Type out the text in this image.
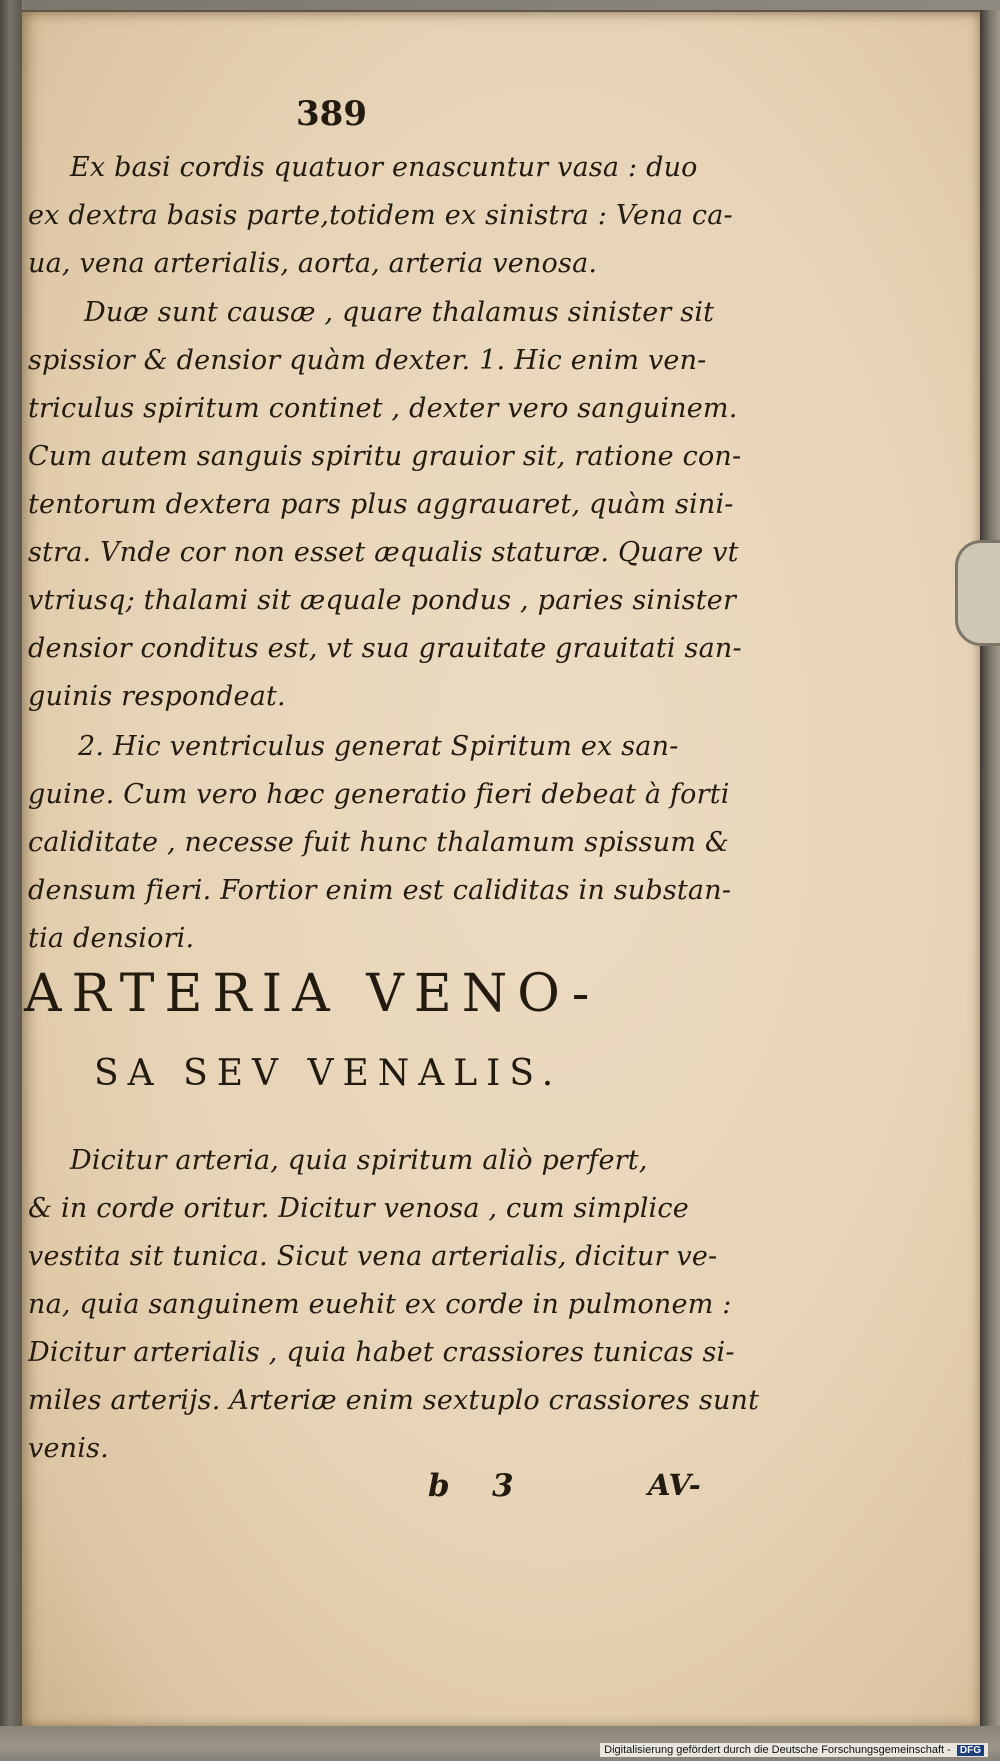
389
Ex basi cordis quatuor enascuntur vasa : duo
ex dextra basis parte,totidem ex sinistra : Vena ca-
ua, vena arterialis, aorta, arteria venosa.
Duæ sunt causæ , quare thalamus sinister sit
spissior & densior quàm dexter. 1. Hic enim ven-
triculus spiritum continet , dexter vero sanguinem.
Cum autem sanguis spiritu grauior sit, ratione con-
tentorum dextera pars plus aggrauaret, quàm sini-
stra. Vnde cor non esset æqualis staturæ. Quare vt
vtriusq; thalami sit æquale pondus , paries sinister
densior conditus est, vt sua grauitate grauitati san-
guinis respondeat.
2. Hic ventriculus generat Spiritum ex san-
guine. Cum vero hæc generatio fieri debeat à forti
caliditate , necesse fuit hunc thalamum spissum &
densum fieri. Fortior enim est caliditas in substan-
tia densiori.
ARTERIA VENO-
SA SEV VENALIS.
Dicitur arteria, quia spiritum aliò perfert,
& in corde oritur. Dicitur venosa , cum simplice
vestita sit tunica. Sicut vena arterialis, dicitur ve-
na, quia sanguinem euehit ex corde in pulmonem :
Dicitur arterialis , quia habet crassiores tunicas si-
miles arterijs. Arteriæ enim sextuplo crassiores sunt
venis.
b 3	AV-
Digitalisierung gefördert durch die Deutsche Forschungsgemeinschaft - DFG
